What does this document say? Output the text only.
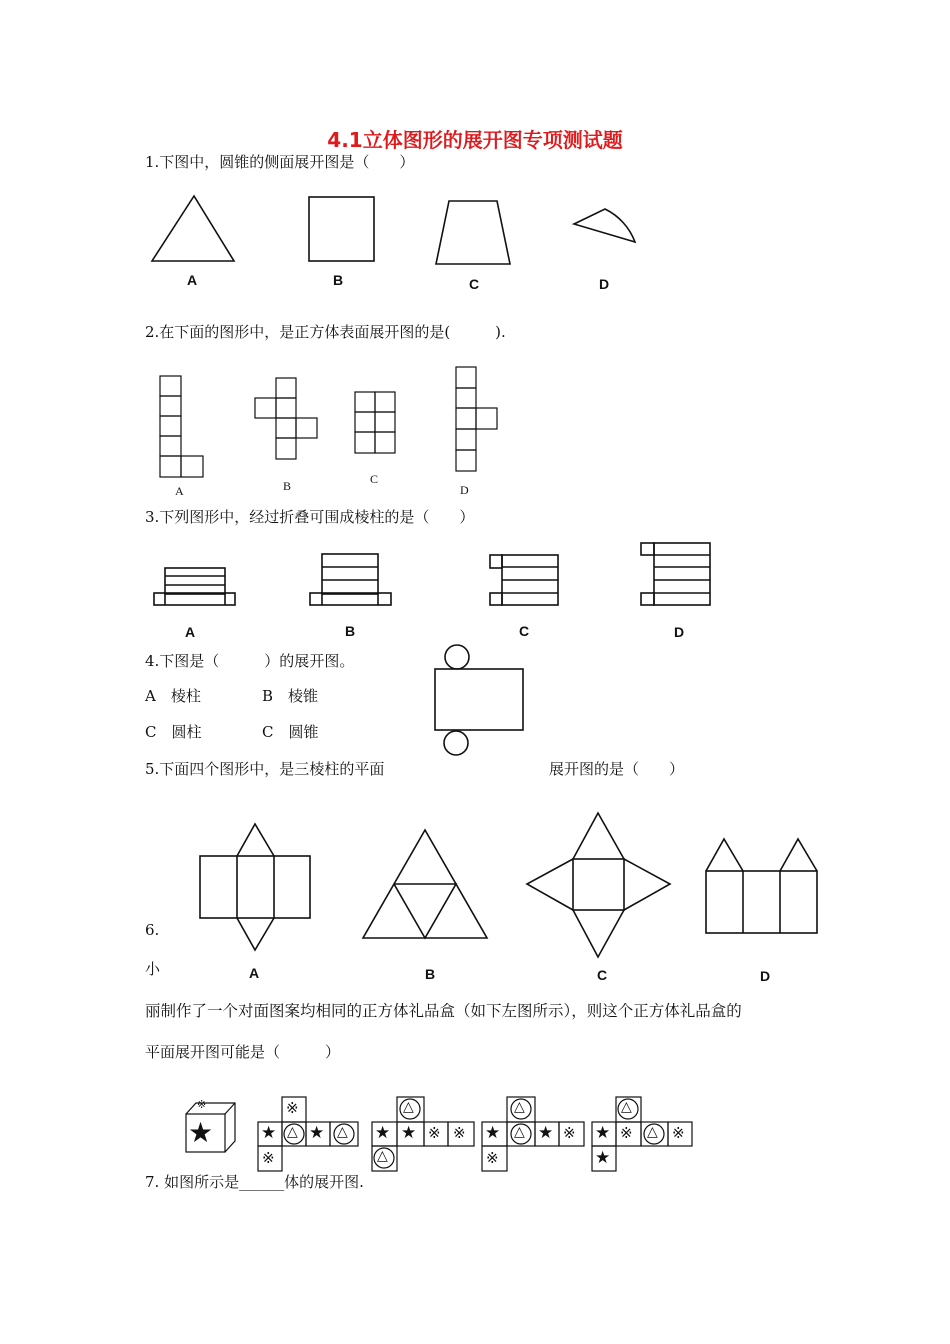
4.1立体图形的展开图专项测试题
1.下图中，圆锥的侧面展开图是（　　）
A	B	C	D
2.在下面的图形中，是正方体表面展开图的是(　　　).
A	B	C
D
3.下列图形中，经过折叠可围成棱柱的是（　　）
A	B	C	D
4.下图是（　　　）的展开图。
A　棱柱	B　棱锥
C　圆柱	C　圆锥
5.下面四个图形中，是三棱柱的平面	展开图的是（　　）
A	B	C	D
6.
小
丽制作了一个对面图案均相同的正方体礼品盒（如下左图所示），则这个正方体礼品盒的
平面展开图可能是（　　　）
★
※
★ △ ★ △
※
※
★ ★ ※ ※
△
△
★ △ ★ ※
△
※
★ ※ △ ※
△
★
7. 如图所示是______体的展开图.
